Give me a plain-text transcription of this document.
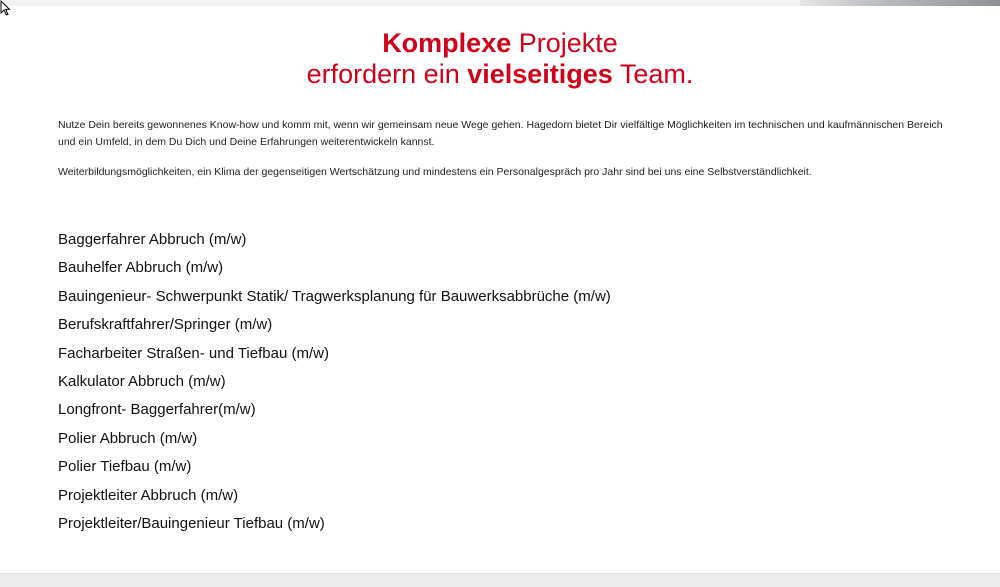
Komplexe Projekte
erfordern ein vielseitiges Team.

Nutze Dein bereits gewonnenes Know-how und komm mit, wenn wir gemeinsam neue Wege gehen. Hagedorn bietet Dir vielfältige Möglichkeiten im technischen und kaufmännischen Bereich und ein Umfeld, in dem Du Dich und Deine Erfahrungen weiterentwickeln kannst.

Weiterbildungsmöglichkeiten, ein Klima der gegenseitigen Wertschätzung und mindestens ein Personalgespräch pro Jahr sind bei uns eine Selbstverständlichkeit.

Baggerfahrer Abbruch (m/w)
Bauhelfer Abbruch (m/w)
Bauingenieur- Schwerpunkt Statik/ Tragwerksplanung für Bauwerksabbrüche (m/w)
Berufskraftfahrer/Springer (m/w)
Facharbeiter Straßen- und Tiefbau (m/w)
Kalkulator Abbruch (m/w)
Longfront- Baggerfahrer(m/w)
Polier Abbruch (m/w)
Polier Tiefbau (m/w)
Projektleiter Abbruch (m/w)
Projektleiter/Bauingenieur Tiefbau (m/w)
